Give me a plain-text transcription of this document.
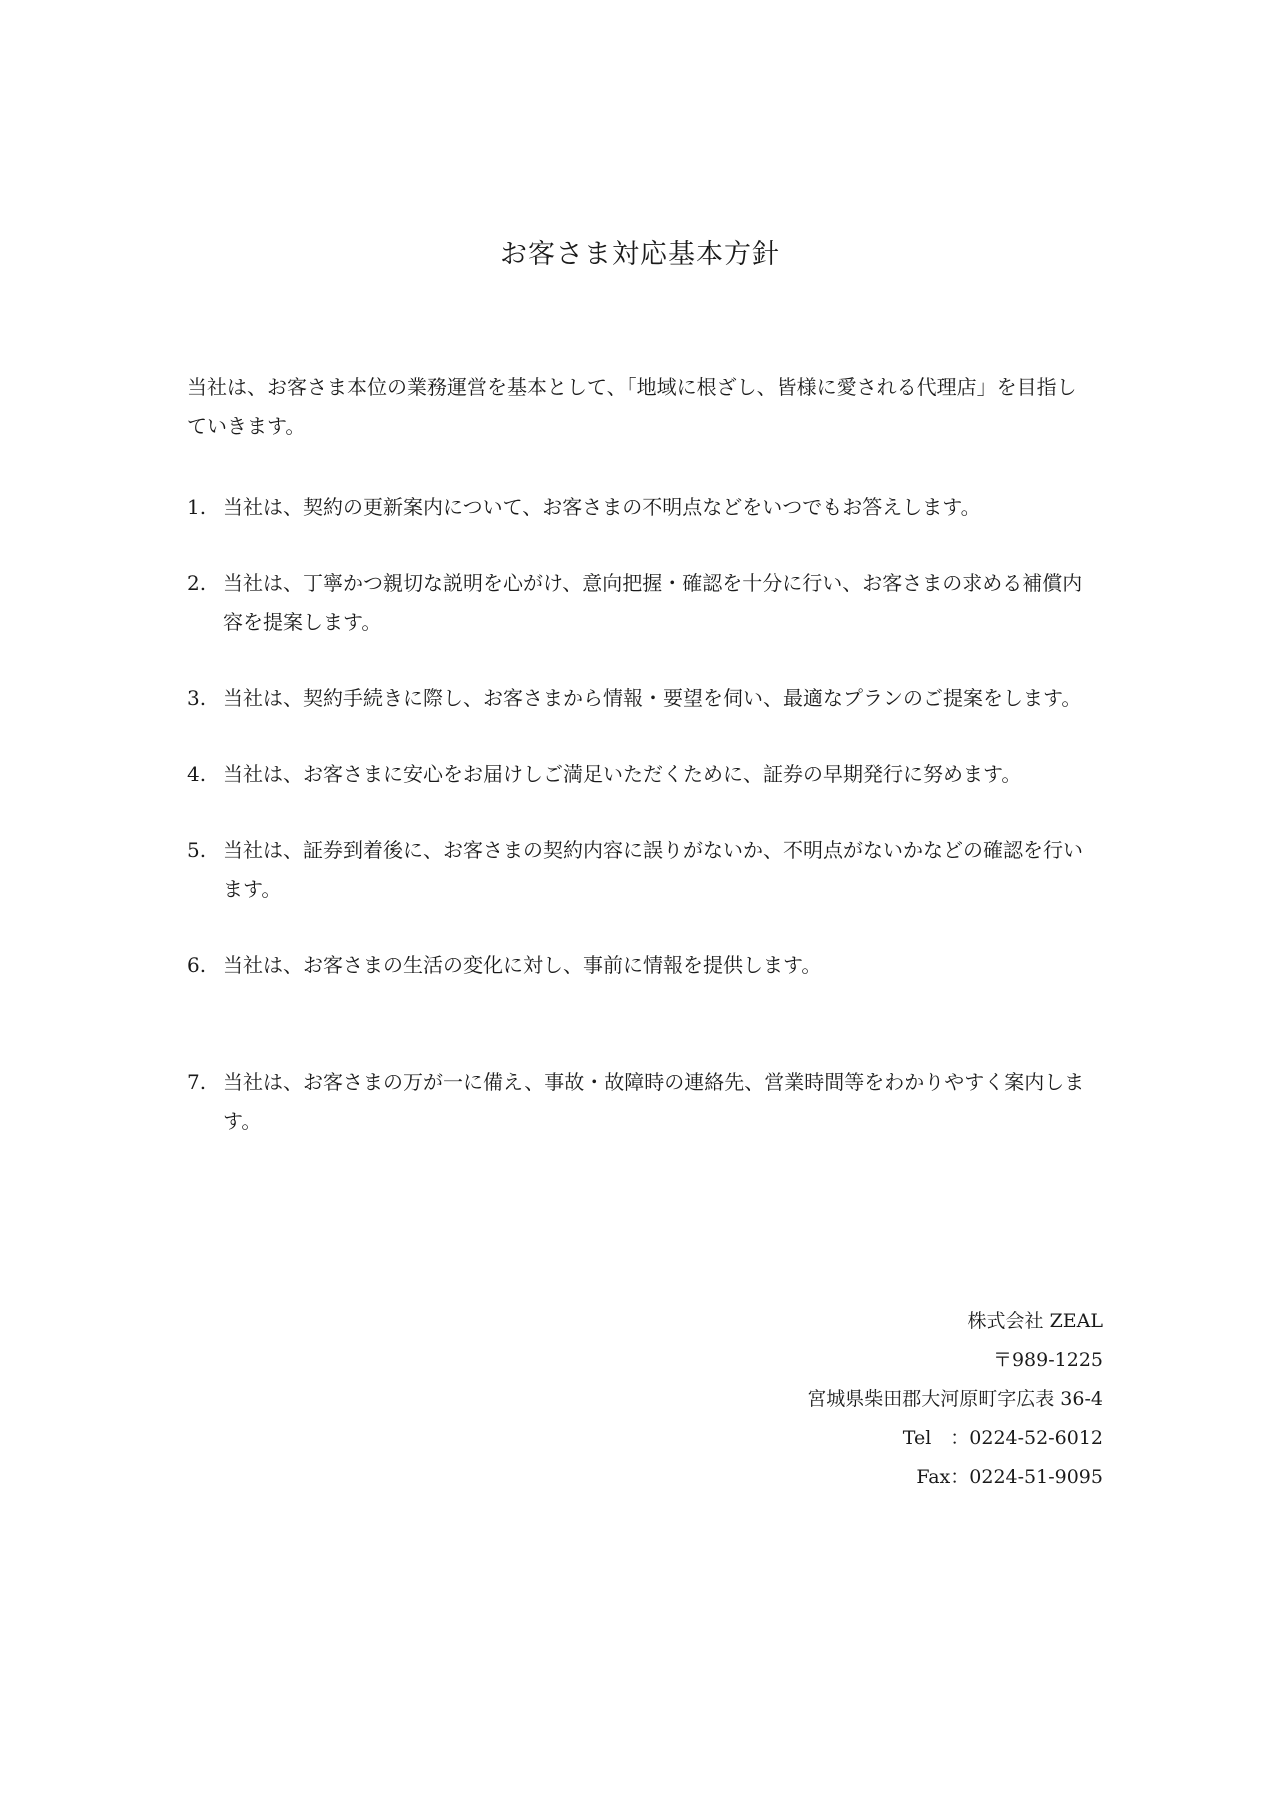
お客さま対応基本方針

当社は、お客さま本位の業務運営を基本として、「地域に根ざし、皆様に愛される代理店」を目指していきます。

1. 当社は、契約の更新案内について、お客さまの不明点などをいつでもお答えします。
2. 当社は、丁寧かつ親切な説明を心がけ、意向把握・確認を十分に行い、お客さまの求める補償内容を提案します。
3. 当社は、契約手続きに際し、お客さまから情報・要望を伺い、最適なプランのご提案をします。
4. 当社は、お客さまに安心をお届けしご満足いただくために、証券の早期発行に努めます。
5. 当社は、証券到着後に、お客さまの契約内容に誤りがないか、不明点がないかなどの確認を行います。
6. 当社は、お客さまの生活の変化に対し、事前に情報を提供します。
7. 当社は、お客さまの万が一に備え、事故・故障時の連絡先、営業時間等をわかりやすく案内します。
株式会社 ZEAL
〒989-1225
宮城県柴田郡大河原町字広表 36-4
Tel　：0224-52-6012
Fax：0224-51-9095
